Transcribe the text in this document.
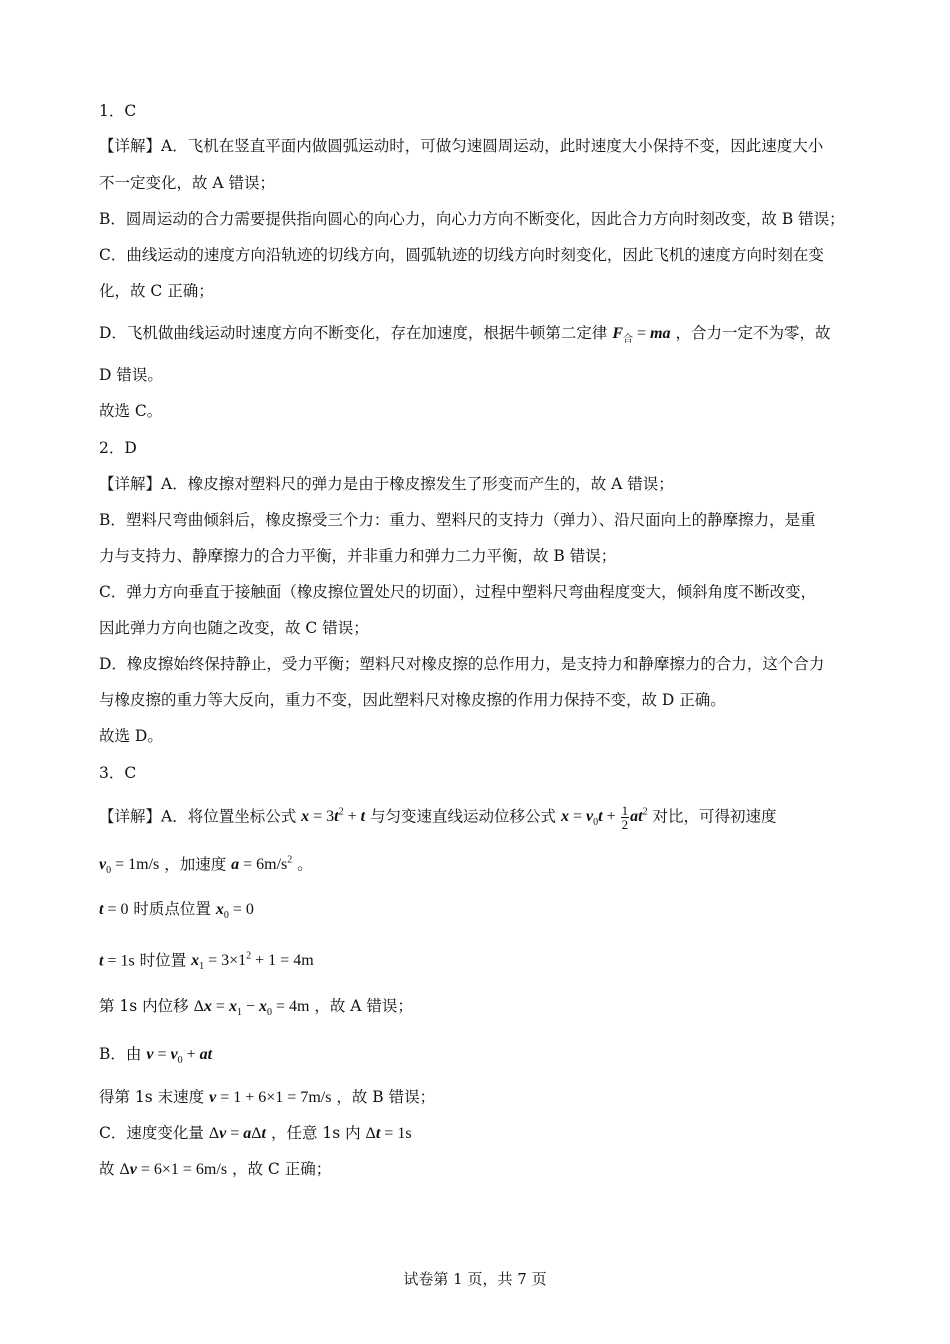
1．C
【详解】A．飞机在竖直平面内做圆弧运动时，可做匀速圆周运动，此时速度大小保持不变，因此速度大小
不一定变化，故 A 错误；
B．圆周运动的合力需要提供指向圆心的向心力，向心力方向不断变化，因此合力方向时刻改变，故 B 错误；
C．曲线运动的速度方向沿轨迹的切线方向，圆弧轨迹的切线方向时刻变化，因此飞机的速度方向时刻在变
化，故 C 正确；
D．飞机做曲线运动时速度方向不断变化，存在加速度，根据牛顿第二定律 $F_合$ = ma ，合力一定不为零，故
D 错误。
故选 C。
2．D
【详解】A．橡皮擦对塑料尺的弹力是由于橡皮擦发生了形变而产生的，故 A 错误；
B．塑料尺弯曲倾斜后，橡皮擦受三个力：重力、塑料尺的支持力（弹力）、沿尺面向上的静摩擦力，是重
力与支持力、静摩擦力的合力平衡，并非重力和弹力二力平衡，故 B 错误；
C．弹力方向垂直于接触面（橡皮擦位置处尺的切面），过程中塑料尺弯曲程度变大，倾斜角度不断改变，
因此弹力方向也随之改变，故 C 错误；
D．橡皮擦始终保持静止，受力平衡；塑料尺对橡皮擦的总作用力，是支持力和静摩擦力的合力，这个合力
与橡皮擦的重力等大反向，重力不变，因此塑料尺对橡皮擦的作用力保持不变，故 D 正确。
故选 D。
3．C
【详解】A．将位置坐标公式 $x = 3t^2 + t$ 与匀变速直线运动位移公式 $x = v_0t + \frac{1}{2} at^2$ 对比，可得初速度
$v_0 = 1m/s$ ，加速度 $a = 6m/s^2$ 。
t = 0 时质点位置 $x_0 = 0$
t = 1s 时位置 $x_1 = 3\times 1^2 + 1 = 4m$
第 1s 内位移 $\Delta x = x_1 - x_0 = 4m$ ，故 A 错误；
B．由 $v = v_0$ + at
得第 1s 末速度 v = 1 + 6×1 = 7m/s ，故 B 错误；
C．速度变化量 Δv = aΔt ，任意 1s 内 Δt = 1s
故 Δv = 6×1 = 6m/s ，故 C 正确；
试卷第 1 页，共 7 页
